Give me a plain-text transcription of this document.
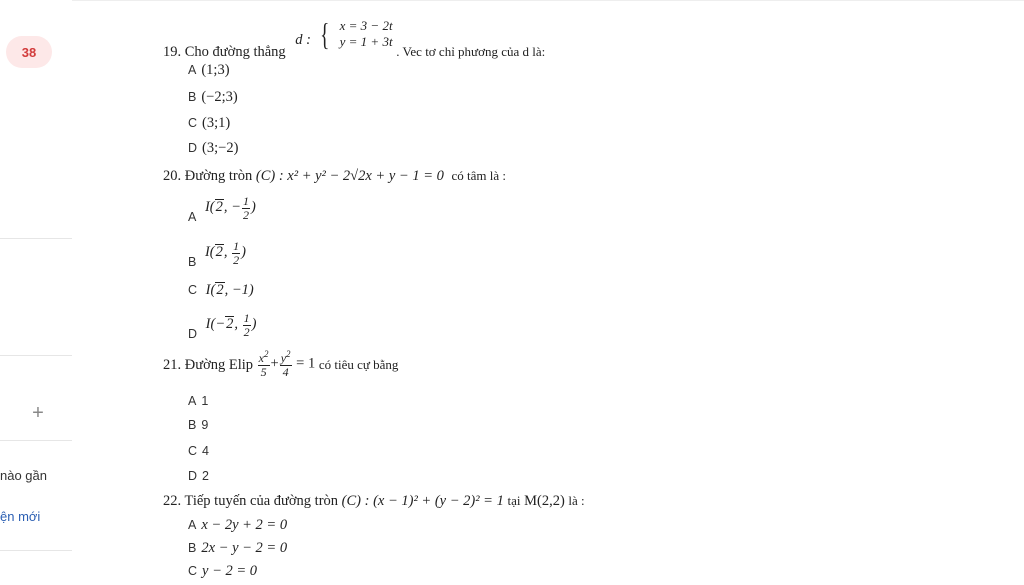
38
+
nào gần
ện mới
19. Cho đường thẳng d : { x = 3 − 2t
y = 1 + 3t
. Vec tơ chỉ phương của d là:
A (1;3)
B (−2;3)
C (3;1)
D (3;−2)
20. Đường tròn (C) : x² + y² − 2√2x + y − 1 = 0 có tâm là :
A I(2, − $\frac{1}{2}$ )
B I(2, $\frac{1}{2}$ )
C I(2, −1)
D I(−2, $\frac{1}{2}$ )
21. Đường Elip $\frac{x^2}{5} + \frac{y^2}{4} = 1$ có tiêu cự bằng
A 1
B 9
C 4
D 2
22. Tiếp tuyến của đường tròn (C) : (x − 1)² + (y − 2)² = 1 tại M(2,2) là :
A x − 2y + 2 = 0
B 2x − y − 2 = 0
C y − 2 = 0
